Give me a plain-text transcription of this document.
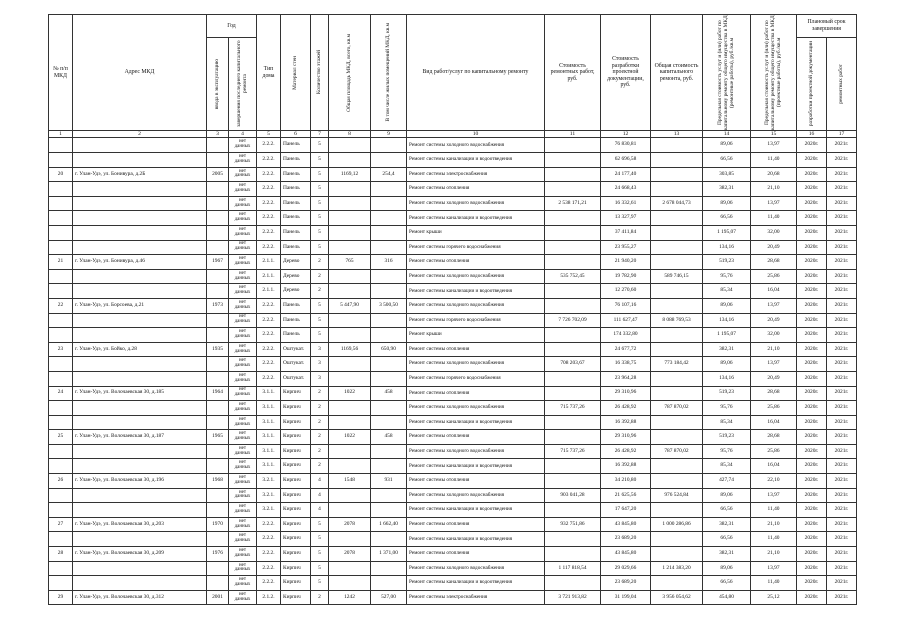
№ п/п МКД	Адрес МКД	Год		Тип дома	Материал стен	Количество этажей	Общая площадь МКД, всего, кв.м	В том числе жилых помещений МКД, кв.м	Вид работ/услуг по капитальному ремонту	Стоимость ремонтных работ, руб.	Стоимость разработки проектной документации, руб.	Общая стоимость капитального ремонта, руб.	Предельная стоимость услуг и (или) работ по капитальному ремонту общего имущества в МКД (ремонтные работы), руб./кв.м	Предельная стоимость услуг и (или) работ по капитальному ремонту общего имущества в МКД (проектные работы), руб./кв.м	Плановый срок завершения	

		ввода в эксплуатацию	завершения последнего капитального ремонта												разработки проектной документации	ремонтных работ

1	2	3	4	5	6	7	8	9	10	11	12	13	14	15	16	17
			нет данных	2.2.2.	Панель	5			Ремонт системы холодного водоснабжения		76 830,81		89,06	13,97	2020г.	2021г.
			нет данных	2.2.2.	Панель	5			Ремонт системы канализации и водоотведения		62 696,58		66,56	11,40	2020г.	2021г.
20	г. Улан-Удэ, ул. Бонивура, д.2Б	2005	нет данных	2.2.2.	Панель	5	1169,12	254,4	Ремонт системы электроснабжения		24 177,40		303,85	20,68	2020г.	2021г.
			нет данных	2.2.2.	Панель	5			Ремонт системы отопления		24 668,43		382,31	21,10	2020г.	2021г.
			нет данных	2.2.2.	Панель	5			Ремонт системы холодного водоснабжения	2 538 171,21	16 332,61	2 678 044,73	89,06	13,97	2020г.	2021г.
			нет данных	2.2.2.	Панель	5			Ремонт системы канализации и водоотведения		13 327,97		66,56	11,40	2020г.	2021г.
			нет данных	2.2.2.	Панель	5			Ремонт крыши		37 411,84		1 195,07	32,00	2020г.	2021г.
			нет данных	2.2.2.	Панель	5			Ремонт системы горячего водоснабжения		23 955,27		134,16	20,49	2020г.	2021г.
21	г. Улан-Удэ, ул. Бонивура, д.46	1967	нет данных	2.1.1.	Дерево	2	765	316	Ремонт системы отопления		21 940,20		519,23	28,68	2020г.	2021г.
			нет данных	2.1.1.	Дерево	2			Ремонт системы холодного водоснабжения	535 752,45	19 782,90	589 746,15	95,76	25,86	2020г.	2021г.
			нет данных	2.1.1.	Дерево	2			Ремонт системы канализации и водоотведения		12 270,60		85,34	16,04	2020г.	2021г.
22	г. Улан-Удэ, ул. Борсоева, д.21	1973	нет данных	2.2.2.	Панель	5	5 447,90	3 500,50	Ремонт системы холодного водоснабжения		76 107,16		89,06	13,97	2020г.	2021г.
			нет данных	2.2.2.	Панель	5			Ремонт системы горячего водоснабжения	7 726 702,09	111 627,47	8 088 769,53	134,16	20,49	2020г.	2021г.
			нет данных	2.2.2.	Панель	5			Ремонт крыши		174 332,80		1 195,07	32,00	2020г.	2021г.
23	г. Улан-Удэ, ул. Бойко, д.28	1935	нет данных	2.2.2.	Оштукат.	3	1169,56	650,90	Ремонт системы отопления		24 677,72		382,31	21,10	2020г.	2021г.
			нет данных	2.2.2.	Оштукат.	3			Ремонт системы холодного водоснабжения	708 203,67	16 338,75	773 184,42	89,06	13,97	2020г.	2021г.
			нет данных	2.2.2.	Оштукат.	3			Ремонт системы горячего водоснабжения		23 964,28		134,16	20,49	2020г.	2021г.
24	г. Улан-Удэ, ул. Волочаевская 30, д.185	1964	нет данных	3.1.1.	Кирпич	2	1022	458	Ремонт системы отопления		29 310,96		519,23	28,68	2020г.	2021г.
			нет данных	3.1.1.	Кирпич	2			Ремонт системы холодного водоснабжения	715 737,26	26 428,92	787 870,02	95,76	25,86	2020г.	2021г.
			нет данных	3.1.1.	Кирпич	2			Ремонт системы канализации и водоотведения		16 392,88		85,34	16,04	2020г.	2021г.
25	г. Улан-Удэ, ул. Волочаевская 30, д.187	1965	нет данных	3.1.1.	Кирпич	2	1022	458	Ремонт системы отопления		29 310,96		519,23	28,68	2020г.	2021г.
			нет данных	3.1.1.	Кирпич	2			Ремонт системы холодного водоснабжения	715 737,26	26 428,92	787 870,02	95,76	25,86	2020г.	2021г.
			нет данных	3.1.1.	Кирпич	2			Ремонт системы канализации и водоотведения		16 392,88		85,34	16,04	2020г.	2021г.
26	г. Улан-Удэ, ул. Волочаевская 30, д.196	1968	нет данных	3.2.1.	Кирпич	4	1548	931	Ремонт системы отопления		34 210,80		427,74	22,10	2020г.	2021г.
			нет данных	3.2.1.	Кирпич	4			Ремонт системы холодного водоснабжения	903 041,28	21 625,56	976 524,84	89,06	13,97	2020г.	2021г.
			нет данных	3.2.1.	Кирпич	4			Ремонт системы канализации и водоотведения		17 647,20		66,56	11,40	2020г.	2021г.
27	г. Улан-Удэ, ул. Волочаевская 30, д.203	1970	нет данных	2.2.2.	Кирпич	5	2078	1 662,40	Ремонт системы отопления	932 751,86	43 845,80	1 000 286,86	382,31	21,10	2020г.	2021г.
			нет данных	2.2.2.	Кирпич	5			Ремонт системы канализации и водоотведения		23 689,20		66,56	11,40	2020г.	2021г.
28	г. Улан-Удэ, ул. Волочаевская 30, д.209	1976	нет данных	2.2.2.	Кирпич	5	2078	1 371,00	Ремонт системы отопления		43 845,80		382,31	21,10	2020г.	2021г.
			нет данных	2.2.2.	Кирпич	5			Ремонт системы холодного водоснабжения	1 117 818,54	29 029,66	1 214 383,20	89,06	13,97	2020г.	2021г.
			нет данных	2.2.2.	Кирпич	5			Ремонт системы канализации и водоотведения		23 689,20		66,56	11,40	2020г.	2021г.
29	г. Улан-Удэ, ул. Волочаевская 30, д.312	2001	нет данных	2.1.2.	Кирпич	2	1242	527,00	Ремонт системы электроснабжения	3 721 913,82	31 199,04	3 956 054,62	454,80	25,12	2020г.	2021г.
